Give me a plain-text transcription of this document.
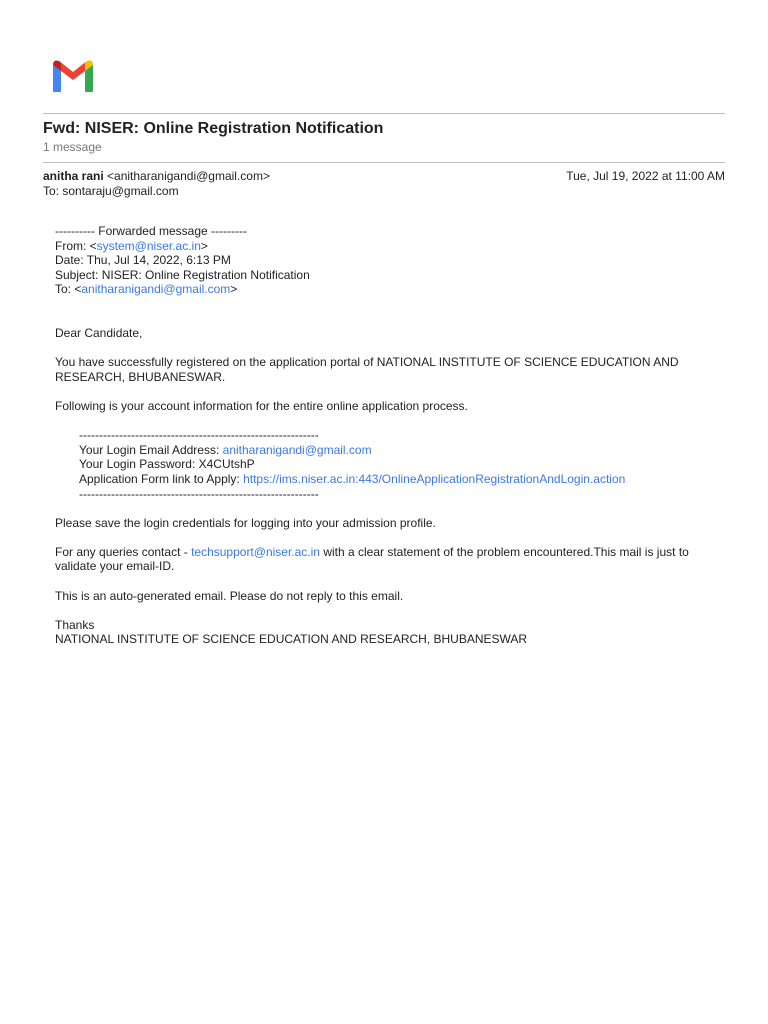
Fwd: NISER: Online Registration Notification
1 message
anitha rani <anitharanigandi@gmail.com>	Tue, Jul 19, 2022 at 11:00 AM
To: sontaraju@gmail.com

---------- Forwarded message ---------

From: <system@niser.ac.in>

Date: Thu, Jul 14, 2022, 6:13 PM

Subject: NISER: Online Registration Notification

To: <anitharanigandi@gmail.com>

Dear Candidate,

You have successfully registered on the application portal of NATIONAL INSTITUTE OF SCIENCE EDUCATION AND RESEARCH, BHUBANESWAR.

Following is your account information for the entire online application process.

------------------------------------------------------------

Your Login Email Address: anitharanigandi@gmail.com

Your Login Password: X4CUtshP

Application Form link to Apply: https://ims.niser.ac.in:443/OnlineApplicationRegistrationAndLogin.action

------------------------------------------------------------

Please save the login credentials for logging into your admission profile.

For any queries contact - techsupport@niser.ac.in with a clear statement of the problem encountered.This mail is just to validate your email-ID.

This is an auto-generated email. Please do not reply to this email.

Thanks

NATIONAL INSTITUTE OF SCIENCE EDUCATION AND RESEARCH, BHUBANESWAR
